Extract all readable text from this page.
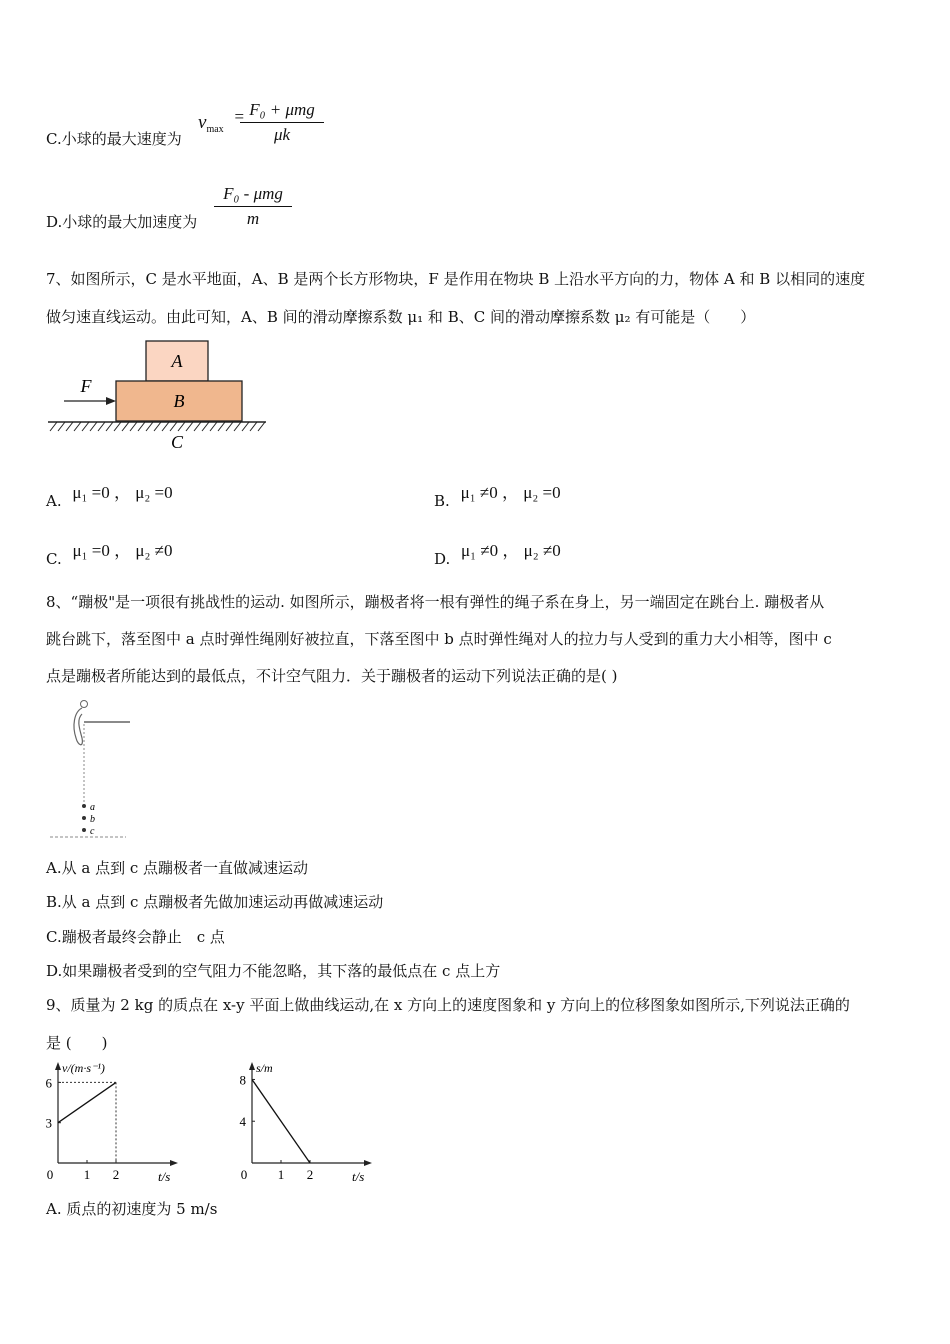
C.小球的最大速度为
$v_{max} = F_0 + \mu mg$
μk
D.小球的最大加速度为
F₀ - μmg
m
7、如图所示，C 是水平地面，A、B 是两个长方形物块，F 是作用在物块 B 上沿水平方向的力，物体 A 和 B 以相同的速度
做匀速直线运动。由此可知，A、B 间的滑动摩擦系数 μ₁ 和 B、C 间的滑动摩擦系数 μ₂ 有可能是（　　）
A
B
F
C
A. μ₁ =0 ， μ₂ =0	B. μ₁ ≠0 ， μ₂ =0
C. μ₁ =0 ， μ₂ ≠0	D. μ₁ ≠0 ， μ₂ ≠0
8、“蹦极"是一项很有挑战性的运动. 如图所示，蹦极者将一根有弹性的绳子系在身上，另一端固定在跳台上. 蹦极者从
跳台跳下，落至图中 a 点时弹性绳刚好被拉直，下落至图中 b 点时弹性绳对人的拉力与人受到的重力大小相等，图中 c
点是蹦极者所能达到的最低点，不计空气阻力．关于蹦极者的运动下列说法正确的是( )
a
b
c
A.从 a 点到 c 点蹦极者一直做减速运动
B.从 a 点到 c 点蹦极者先做加速运动再做减速运动
C.蹦极者最终会静止　c 点
D.如果蹦极者受到的空气阻力不能忽略，其下落的最低点在 c 点上方
9、质量为 2 kg 的质点在 x-y 平面上做曲线运动,在 x 方向上的速度图象和 y 方向上的位移图象如图所示,下列说法正确的
是 (　　)
v/(m·s⁻¹)
t/s
0 1 2
3
6
s/m
t/s
0 1 2
4
8
A. 质点的初速度为 5 m/s
